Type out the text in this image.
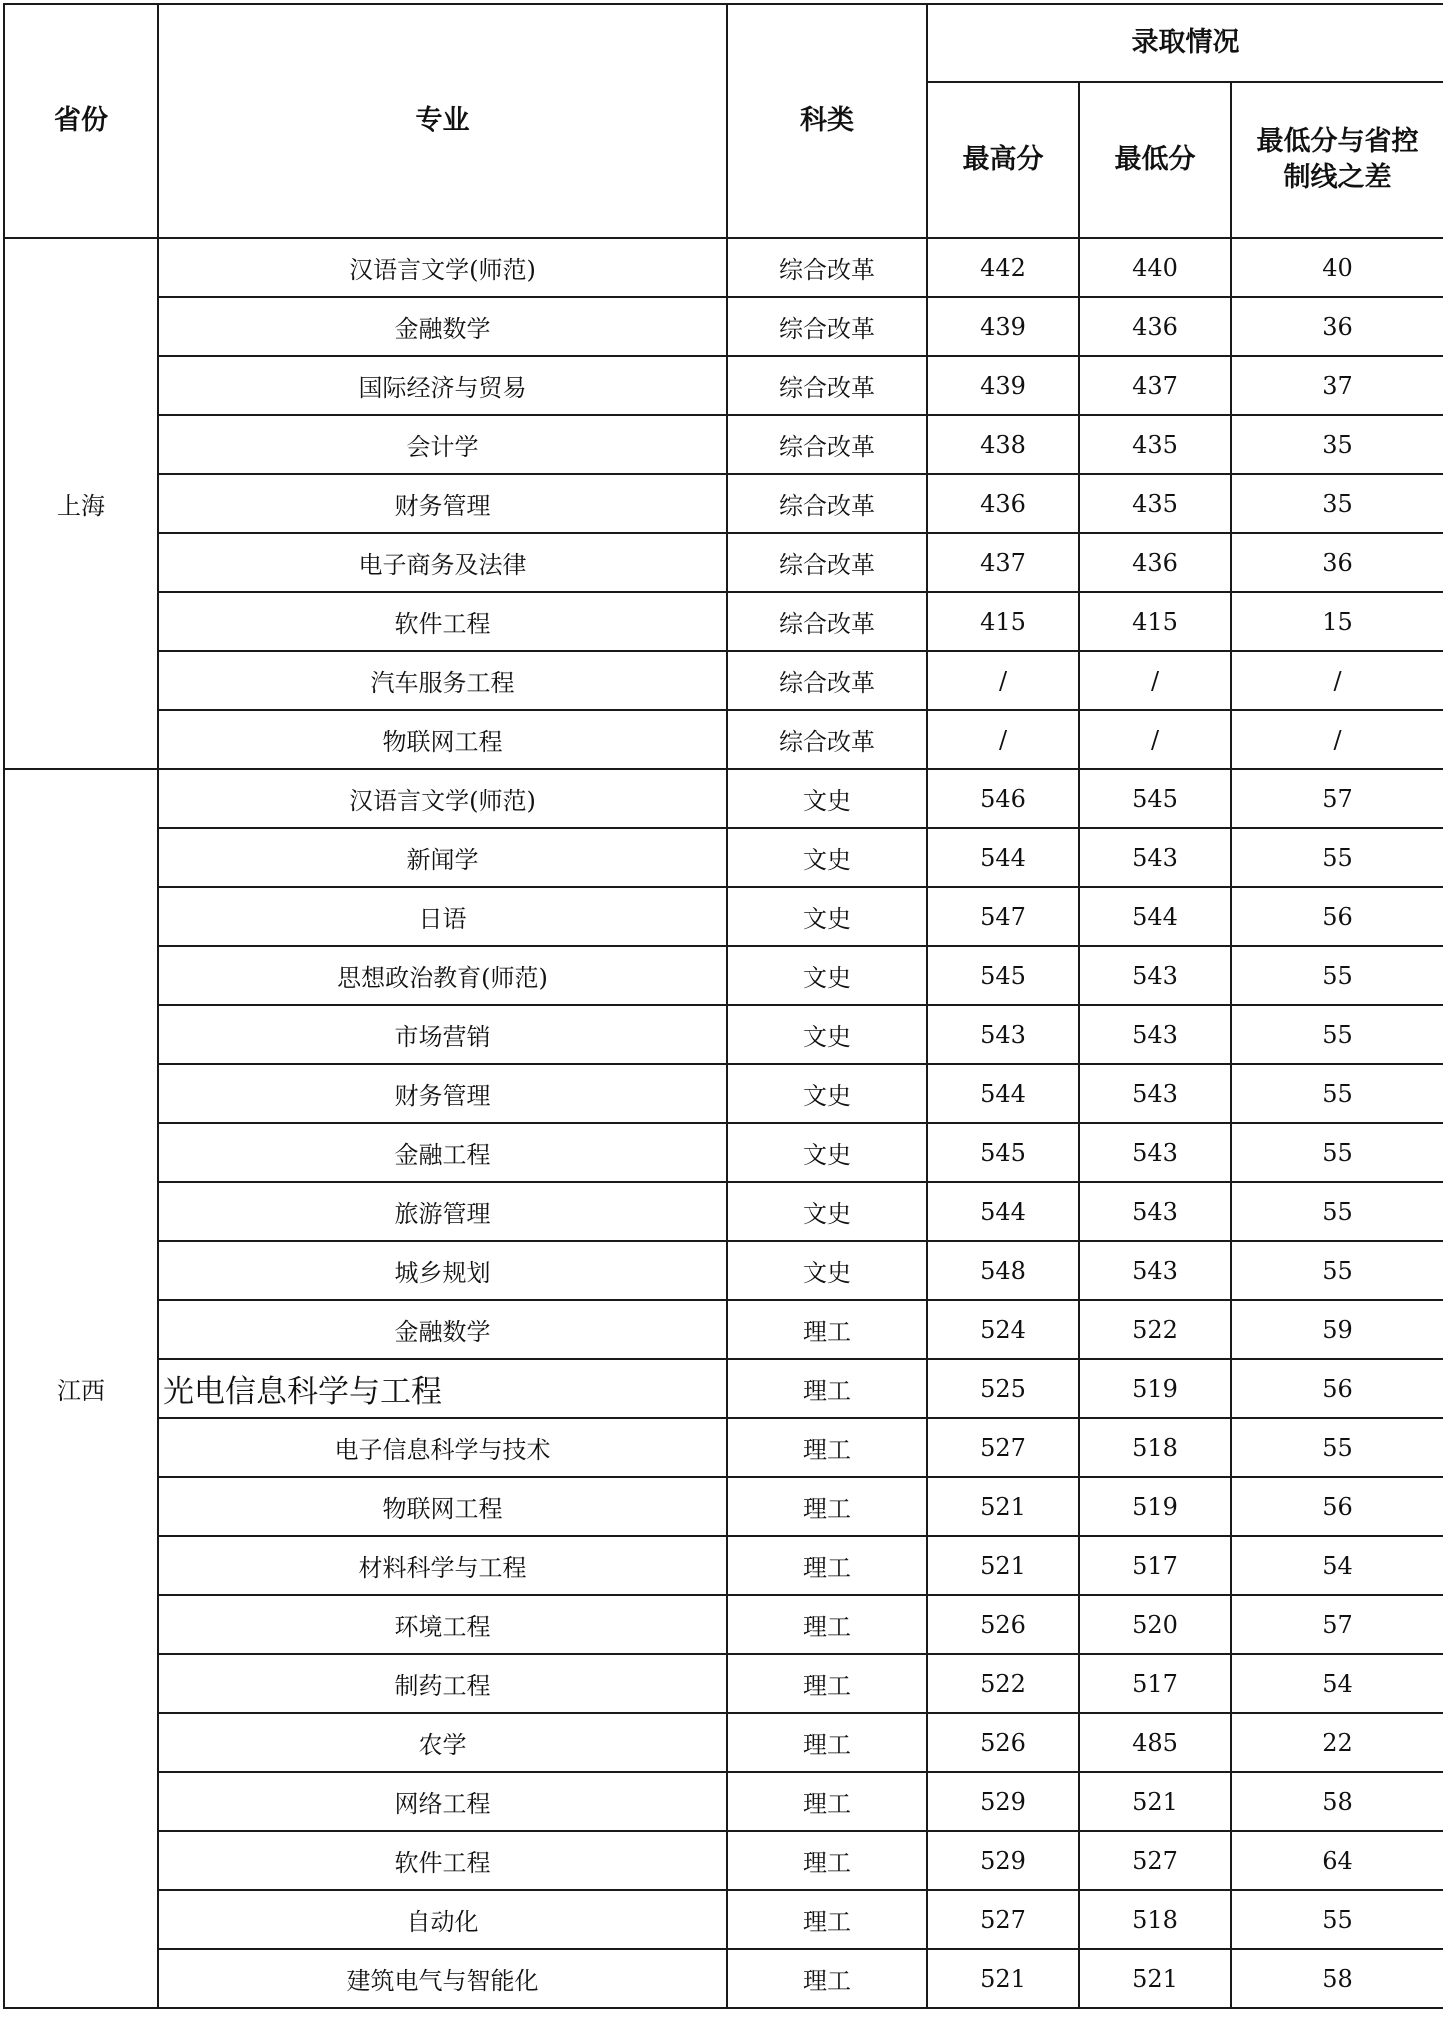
省份	专业	科类	录取情况		
			最高分	最低分	最低分与省控制线之差
上海	汉语言文学(师范)	综合改革	442	440	40
	金融数学	综合改革	439	436	36
	国际经济与贸易	综合改革	439	437	37
	会计学	综合改革	438	435	35
	财务管理	综合改革	436	435	35
	电子商务及法律	综合改革	437	436	36
	软件工程	综合改革	415	415	15
	汽车服务工程	综合改革	/	/	/
	物联网工程	综合改革	/	/	/
江西	汉语言文学(师范)	文史	546	545	57
	新闻学	文史	544	543	55
	日语	文史	547	544	56
	思想政治教育(师范)	文史	545	543	55
	市场营销	文史	543	543	55
	财务管理	文史	544	543	55
	金融工程	文史	545	543	55
	旅游管理	文史	544	543	55
	城乡规划	文史	548	543	55
	金融数学	理工	524	522	59
	光电信息科学与工程	理工	525	519	56
	电子信息科学与技术	理工	527	518	55
	物联网工程	理工	521	519	56
	材料科学与工程	理工	521	517	54
	环境工程	理工	526	520	57
	制药工程	理工	522	517	54
	农学	理工	526	485	22
	网络工程	理工	529	521	58
	软件工程	理工	529	527	64
	自动化	理工	527	518	55
	建筑电气与智能化	理工	521	521	58
